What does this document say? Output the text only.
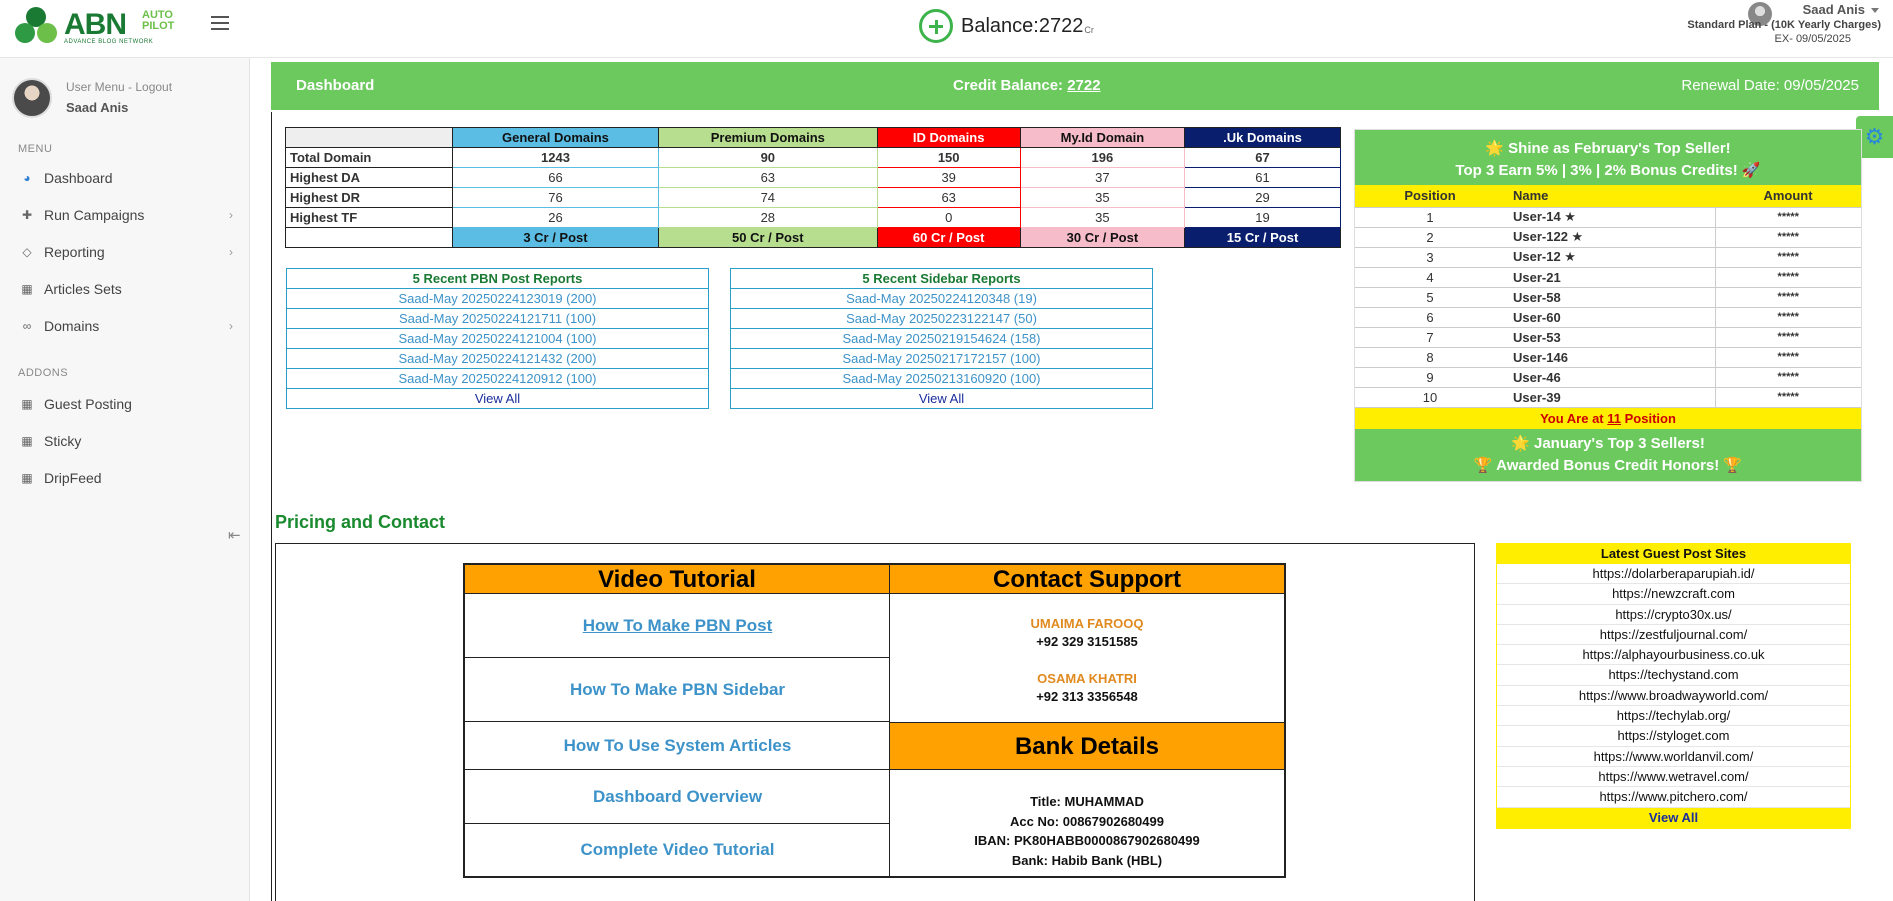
ABN AUTO
PILOT
ADVANCE BLOG NETWORK
Balance:2722 Cr
Saad Anis
Standard Plan - (10K Yearly Charges)
EX- 09/05/2025
User Menu - Logout
Saad Anis
MENU
◕ Dashboard
✚ Run Campaigns	›
◇ Reporting	›
▦ Articles Sets
∞ Domains	›
ADDONS
▦ Guest Posting
▦ Sticky
▦ DripFeed
⇤
Dashboard	Credit Balance: 2722	Renewal Date: 09/05/2025
⚙
	General Domains	Premium Domains	ID Domains	My.Id Domain	.Uk Domains
Total Domain	1243	90	150	196	67
Highest DA	66	63	39	37	61
Highest DR	76	74	63	35	29
Highest TF	26	28	0	35	19
	3 Cr / Post	50 Cr / Post	60 Cr / Post	30 Cr / Post	15 Cr / Post
5 Recent PBN Post Reports
Saad-May 20250224123019 (200)
Saad-May 20250224121711 (100)
Saad-May 20250224121004 (100)
Saad-May 20250224121432 (200)
Saad-May 20250224120912 (100)
View All
5 Recent Sidebar Reports
Saad-May 20250224120348 (19)
Saad-May 20250223122147 (50)
Saad-May 20250219154624 (158)
Saad-May 20250217172157 (100)
Saad-May 20250213160920 (100)
View All
🌟 Shine as February's Top Seller!
Top 3 Earn 5% | 3% | 2% Bonus Credits! 🚀
Position	Name	Amount
1	User-14 ★	*****
2	User-122 ★	*****
3	User-12 ★	*****
4	User-21	*****
5	User-58	*****
6	User-60	*****
7	User-53	*****
8	User-146	*****
9	User-46	*****
10	User-39	*****
You Are at 11 Position
🌟 January's Top 3 Sellers!
🏆 Awarded Bonus Credit Honors! 🏆
Pricing and Contact
Video Tutorial
How To Make PBN Post
How To Make PBN Sidebar
How To Use System Articles
Dashboard Overview
Complete Video Tutorial
Contact Support
UMAIMA FAROOQ
+92 329 3151585
OSAMA KHATRI
+92 313 3356548
Bank Details
Title: MUHAMMAD
Acc No: 00867902680499
IBAN: PK80HABB0000867902680499
Bank: Habib Bank (HBL)
Latest Guest Post Sites
https://dolarberaparupiah.id/
https://newzcraft.com
https://crypto30x.us/
https://zestfuljournal.com/
https://alphayourbusiness.co.uk
https://techystand.com
https://www.broadwayworld.com/
https://techylab.org/
https://styloget.com
https://www.worldanvil.com/
https://www.wetravel.com/
https://www.pitchero.com/
View All
